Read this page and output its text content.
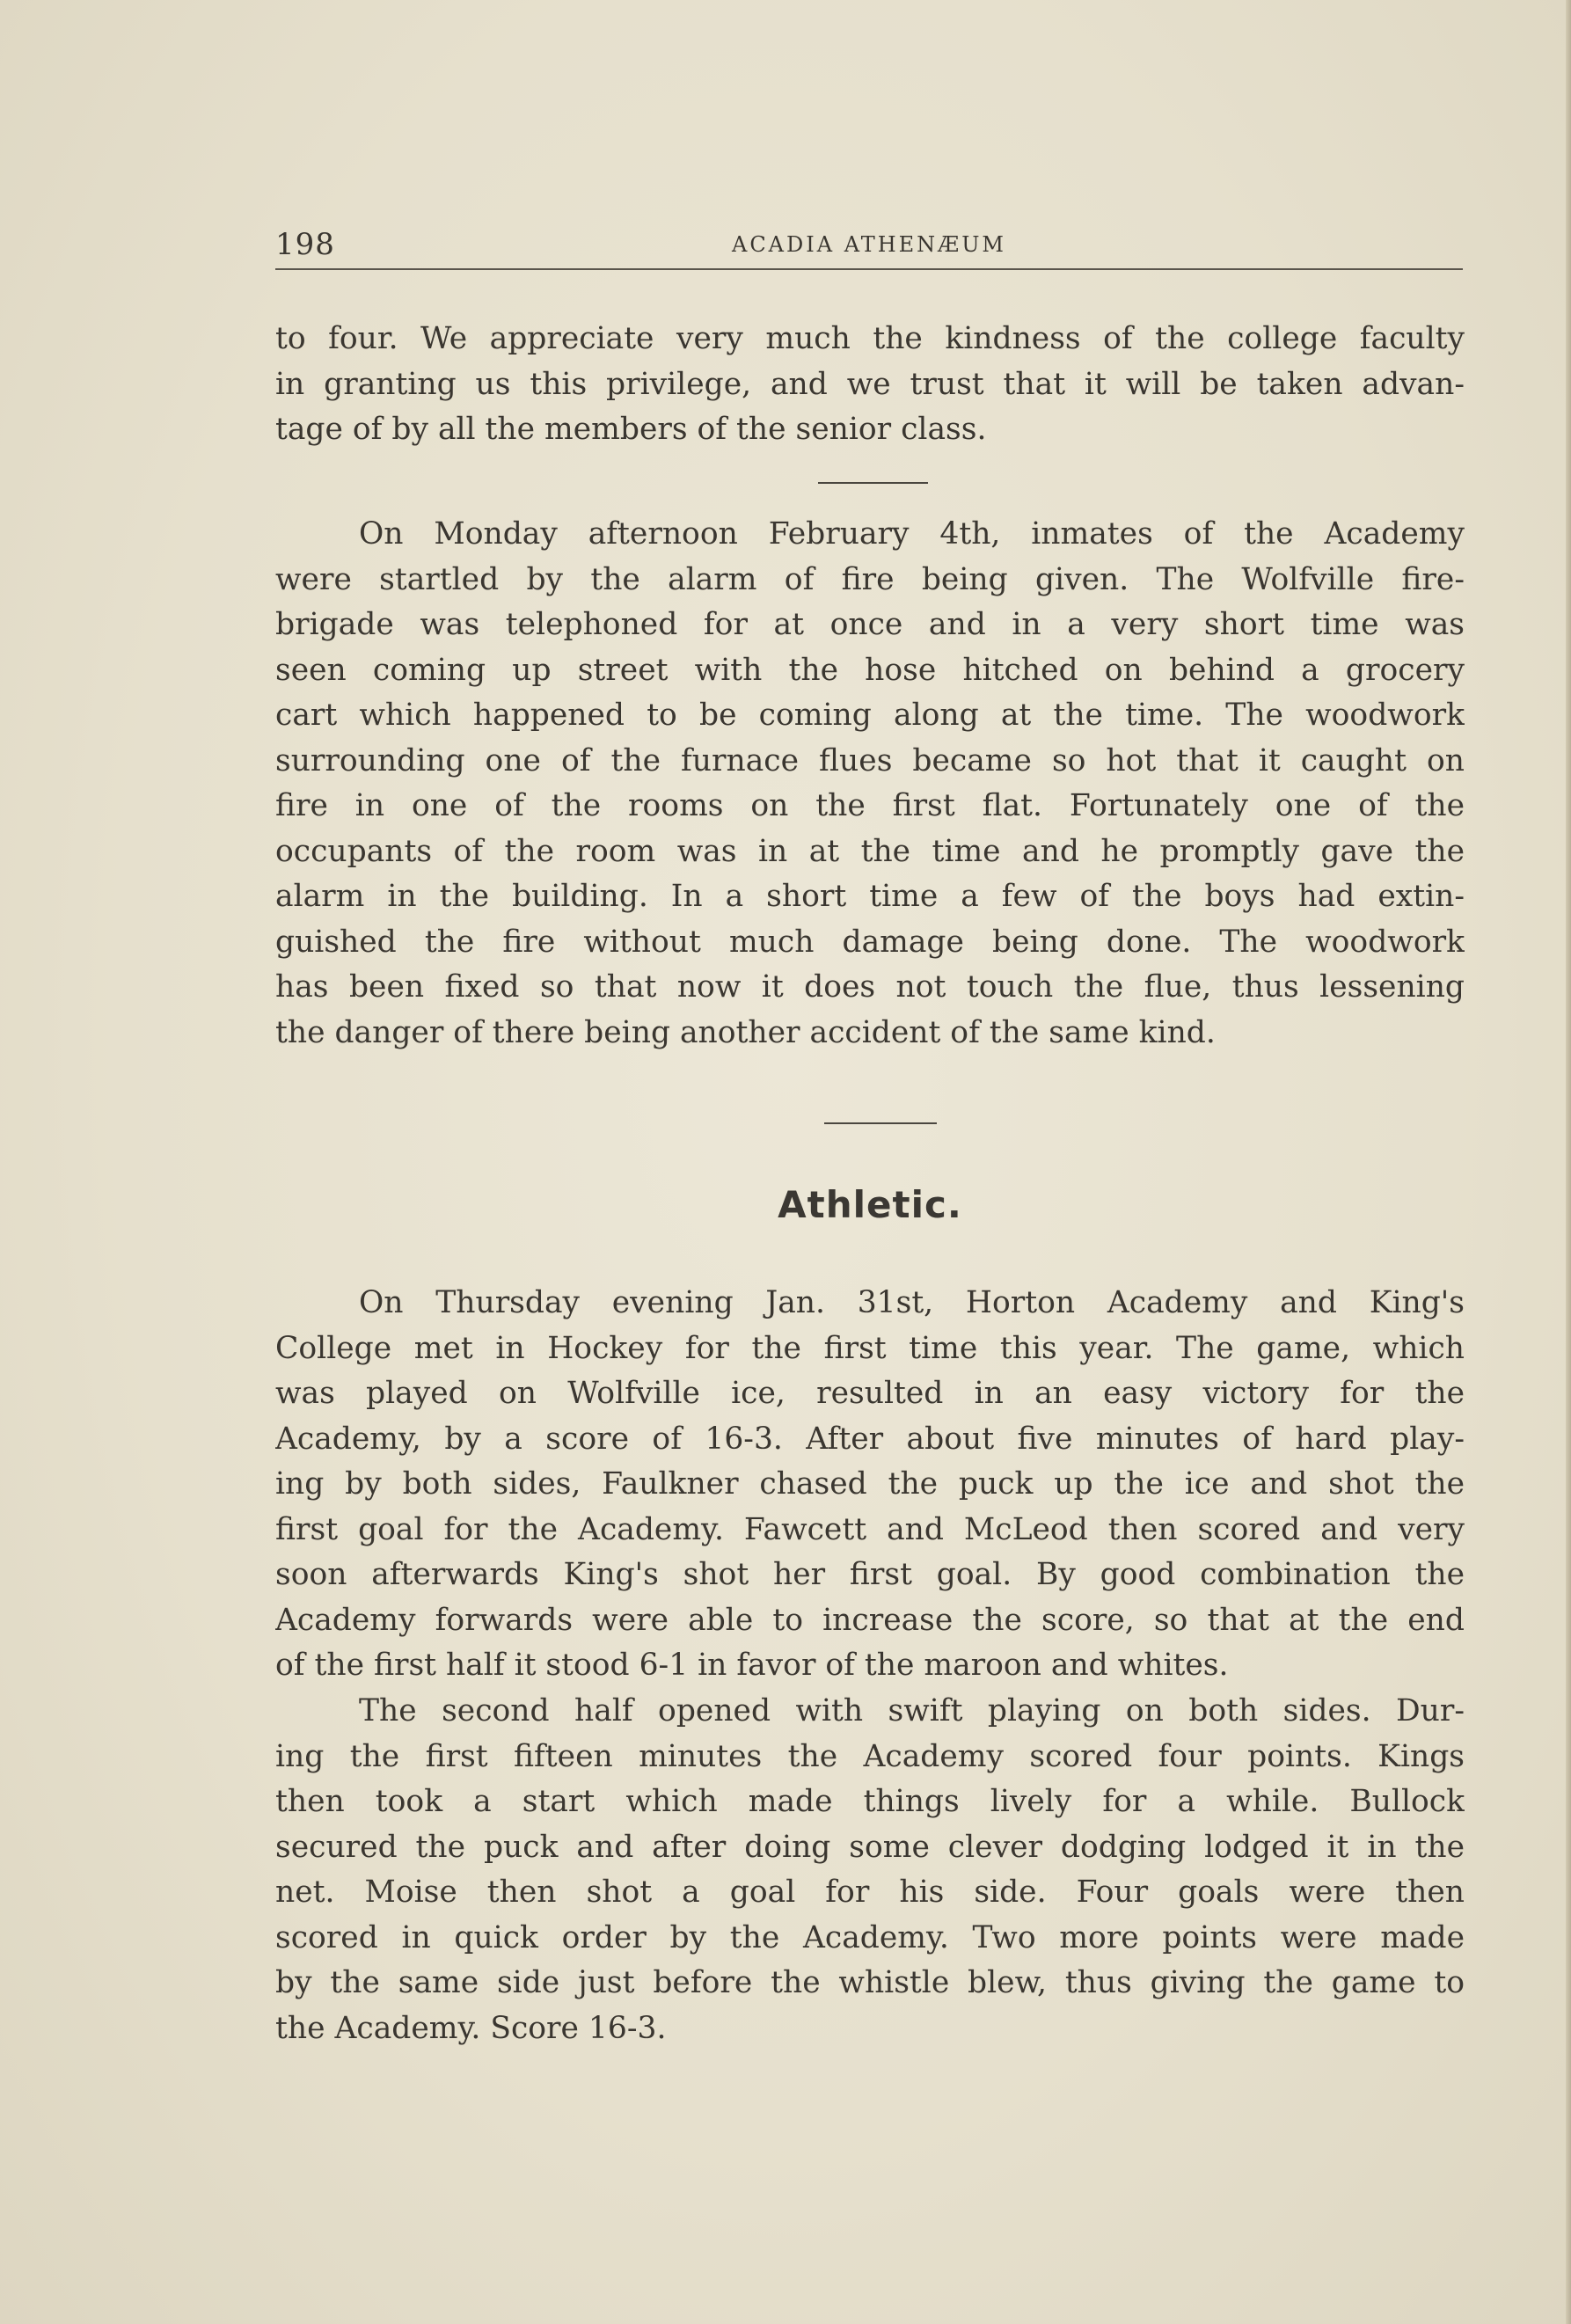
198	ACADIA ATHENÆUM
to four. We appreciate very much the kindness of the college faculty
in granting us this privilege, and we trust that it will be taken advan-
tage of by all the members of the senior class.
On Monday afternoon February 4th, inmates of the Academy
were startled by the alarm of fire being given. The Wolfville fire-
brigade was telephoned for at once and in a very short time was
seen coming up street with the hose hitched on behind a grocery
cart which happened to be coming along at the time. The woodwork
surrounding one of the furnace flues became so hot that it caught on
fire in one of the rooms on the first flat. Fortunately one of the
occupants of the room was in at the time and he promptly gave the
alarm in the building. In a short time a few of the boys had extin-
guished the fire without much damage being done. The woodwork
has been fixed so that now it does not touch the flue, thus lessening
the danger of there being another accident of the same kind.
Athletic.
On Thursday evening Jan. 31st, Horton Academy and King's
College met in Hockey for the first time this year. The game, which
was played on Wolfville ice, resulted in an easy victory for the
Academy, by a score of 16-3. After about five minutes of hard play-
ing by both sides, Faulkner chased the puck up the ice and shot the
first goal for the Academy. Fawcett and McLeod then scored and very
soon afterwards King's shot her first goal. By good combination the
Academy forwards were able to increase the score, so that at the end
of the first half it stood 6-1 in favor of the maroon and whites.
The second half opened with swift playing on both sides. Dur-
ing the first fifteen minutes the Academy scored four points. Kings
then took a start which made things lively for a while. Bullock
secured the puck and after doing some clever dodging lodged it in the
net. Moise then shot a goal for his side. Four goals were then
scored in quick order by the Academy. Two more points were made
by the same side just before the whistle blew, thus giving the game to
the Academy. Score 16-3.
